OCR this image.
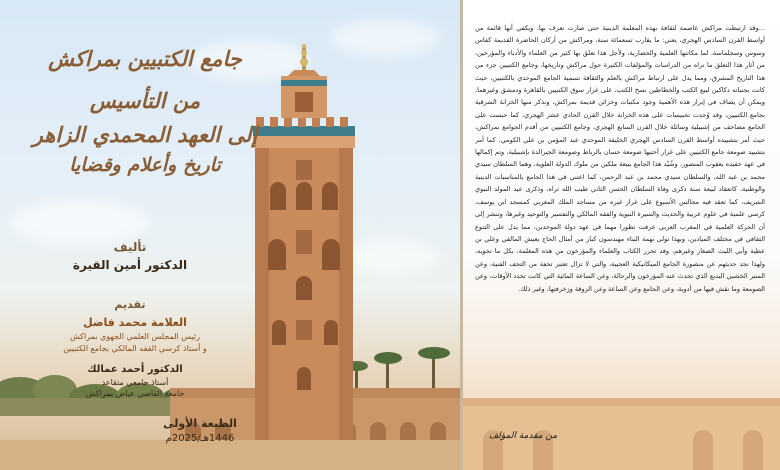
جامع الكتبيين بمراكش
من التأسيس
إلى العهد المحمدي الزاهر
تاريخ وأعلام وقضايا
تأليف
الدكتور أمين القيرة
تقديم
العلامة محمد فاضل
رئيس المجلس العلمي الجهوي بمراكش
و أستاذ كرسي الفقه المالكي بجامع الكتبيين
الدكتور أحمد عمالك
أستاذ جامعي متقاعد
جامعة القاضي عياض بمراكش
الطبعة الأولى
1446هـ/2025م
...وقد ارتبطت مراكش عاصمة لثقافة بهذه المعلمة الدينية حتى صارت تعرف بها، ويكفي أنها قائمة من أواسط القرن السادس الهجري، يعني: ما يقارب تسعمائة سنة، ومراكش من أركان الحاضرة القديمة كفاس وسوس وسجلماسة، لما مكانتها العلمية والحضارية، ولأجل هذا تعلق بها كثير من العلماء والأدباء والمؤرخين، من آثار هذا التعلق ما تراه من الدراسات والمؤلفات الكثيرة حول مراكش وتاريخها، وجامع الكتبيين جزء من هذا التاريخ المشرق، ومما يدل على ارتباط مراكش بالعلم والثقافة تسمية الجامع الموحدي بالكتبيين، حيث كانت بجنباته دكاكين لبيع الكتب والخطاطين نسخ الكتب، على غرار سوق الكتبيين بالقاهرة ودمشق وغيرهما، ويمكن أن يضاف في إبراز هذه الأهمية وجود مكتبات وخزائن قديمة بمراكش، ونذكر منها الخزانة الشرقية بجامع الكتبيين، وقد وُجدت تحبيسات على هذه الخزانة خلال القرن الحادي عشر الهجري، كما حبست على الجامع مصاحف من إشبيلية وسائلة خلال القرن السابع الهجري، وجامع الكتبيين من أقدم الجوامع بمراكش، حيث أمر بتشييده أواسط القرن السادس الهجري الخليفة الموحدي عبد المؤمن بن علي الكومي، كما أمر بتشييد صومعة جامع الكتبيين على غرار أختيها صومعة حسان بالرباط وصومعة الجيرالدة بإشبيلية، وتم إكمالها في عهد حفيده يعقوب المنصور، وشُيّد هذا الجامع ببيعة ملكين من ملوك الدولة العلوية، وهما السلطان سيدي محمد بن عبد الله، والسلطان سيدي محمد بن عبد الرحمن، كما اعتني في هذا الجامع بالمناسبات الدينية والوطنية، كانعقاد لبيعة سنة ذكرى وفاة السلطان الحسن الثاني طيب الله ثراه، وذكرى عيد المولد النبوي الشريف، كما تعقد فيه مجالس الأسبوع على غرار غيره من مساجد الملك المغربي كمسجد ابن يوسف، كرسي علمية في علوم عربية والحديث والسيرة النبوية والفقه المالكي والتفسير والتوحيد وغيرها، وتنشر إلى أن الحركة العلمية في المغرب العربي عرفت تطورا مهما في عهد دولة الموحدين، مما يدل على التنوع الثقافي في مختلف الميادين، وبهذا تولى بهمة البناء مهندسون كبار من أمثال الحاج يعيش المالقي وعلي بن عطية وأبي الليث الصغار وغيرهم، وقد تحرر الكتاب والعلماء والمؤرخون من هذه المعلمة، بكل ما تحويه، ولهذا نجد حديثهم عن منصورة الجامع الميكانيكية العجيبة، والتي لا تزال تعتبر تحفة من التحف الفنية، وعن المنبر الخشبي البديع الذي تحدث عنه المؤرخون والرحالة، وعن الساعة المائية التي كانت تحدد الأوقات، وعن الصومعة وما نقش فيها من أدوية، وعن الجامع وعن الساعة وعن الزوقة وزخرفتها، وغير ذلك.
من مقدمة المؤلف
